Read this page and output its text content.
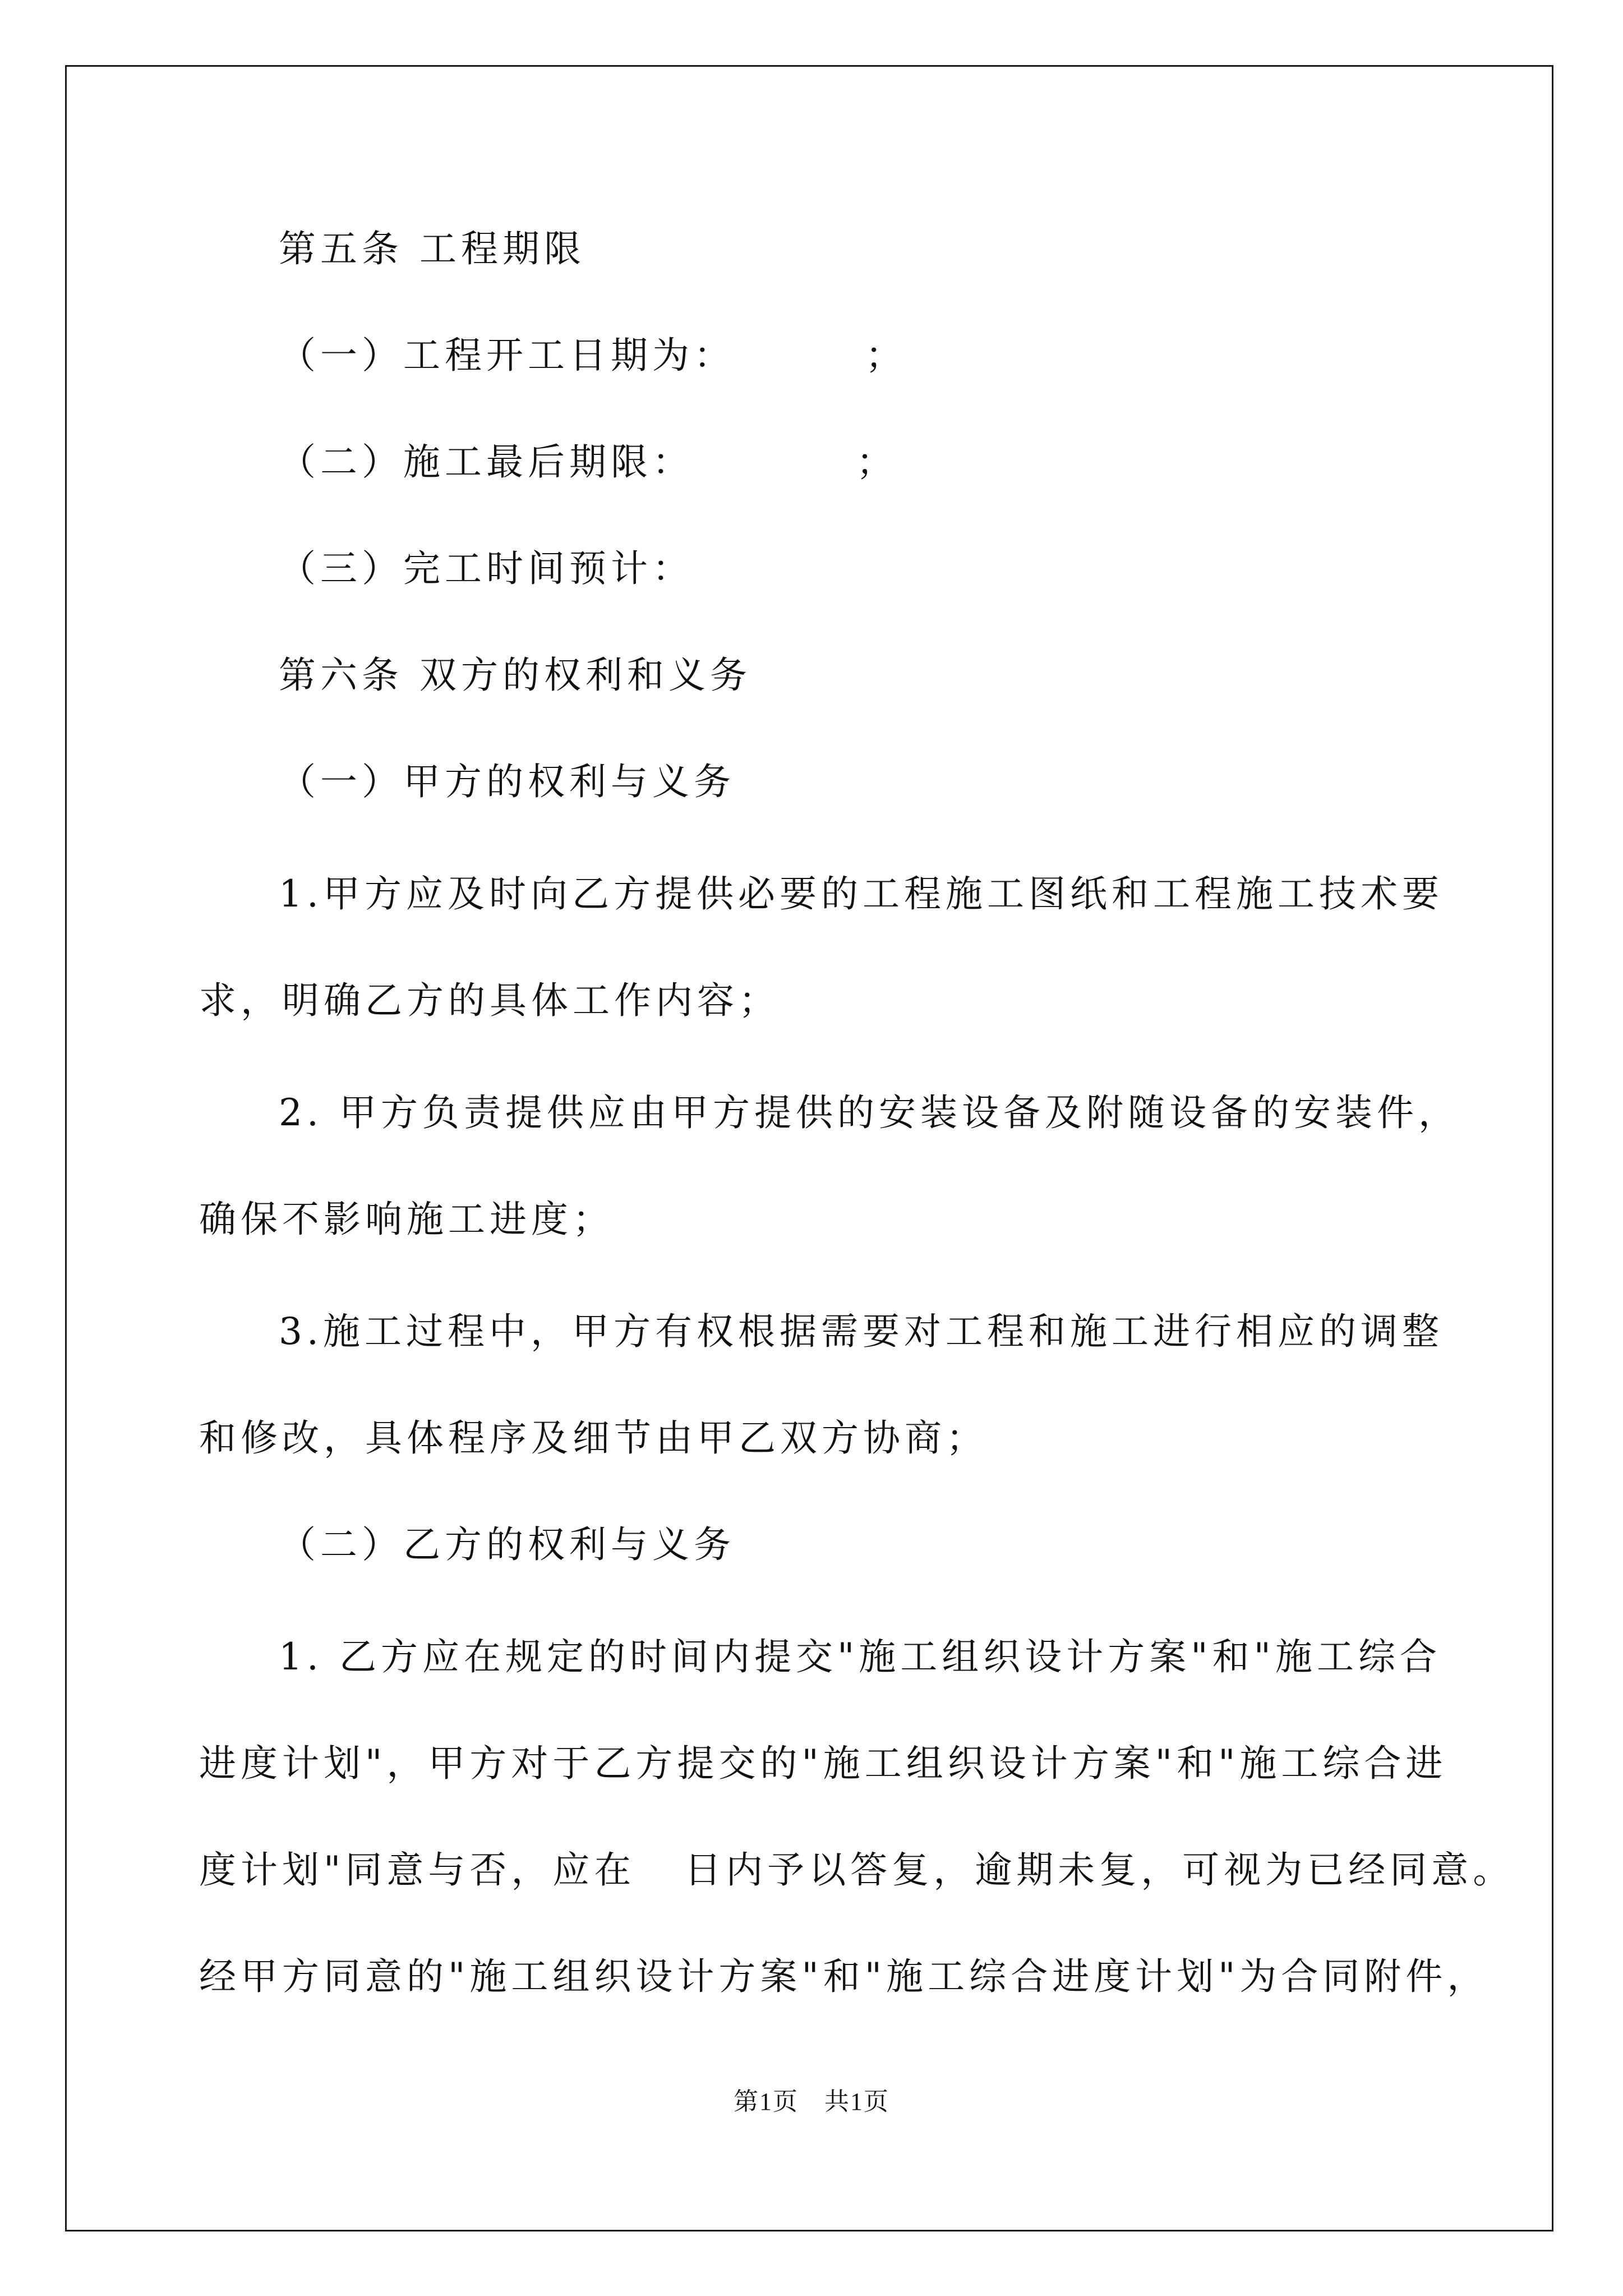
第五条 工程期限
（一）工程开工日期为：        ；
（二）施工最后期限：          ；
（三）完工时间预计：
第六条 双方的权利和义务
（一）甲方的权利与义务
1.甲方应及时向乙方提供必要的工程施工图纸和工程施工技术要
求，明确乙方的具体工作内容；
2. 甲方负责提供应由甲方提供的安装设备及附随设备的安装件，
确保不影响施工进度；
3.施工过程中，甲方有权根据需要对工程和施工进行相应的调整
和修改，具体程序及细节由甲乙双方协商；
（二）乙方的权利与义务
1. 乙方应在规定的时间内提交"施工组织设计方案"和"施工综合
进度计划"，甲方对于乙方提交的"施工组织设计方案"和"施工综合进
度计划"同意与否，应在   日内予以答复，逾期未复，可视为已经同意。
经甲方同意的"施工组织设计方案"和"施工综合进度计划"为合同附件，
第1页 共1页
